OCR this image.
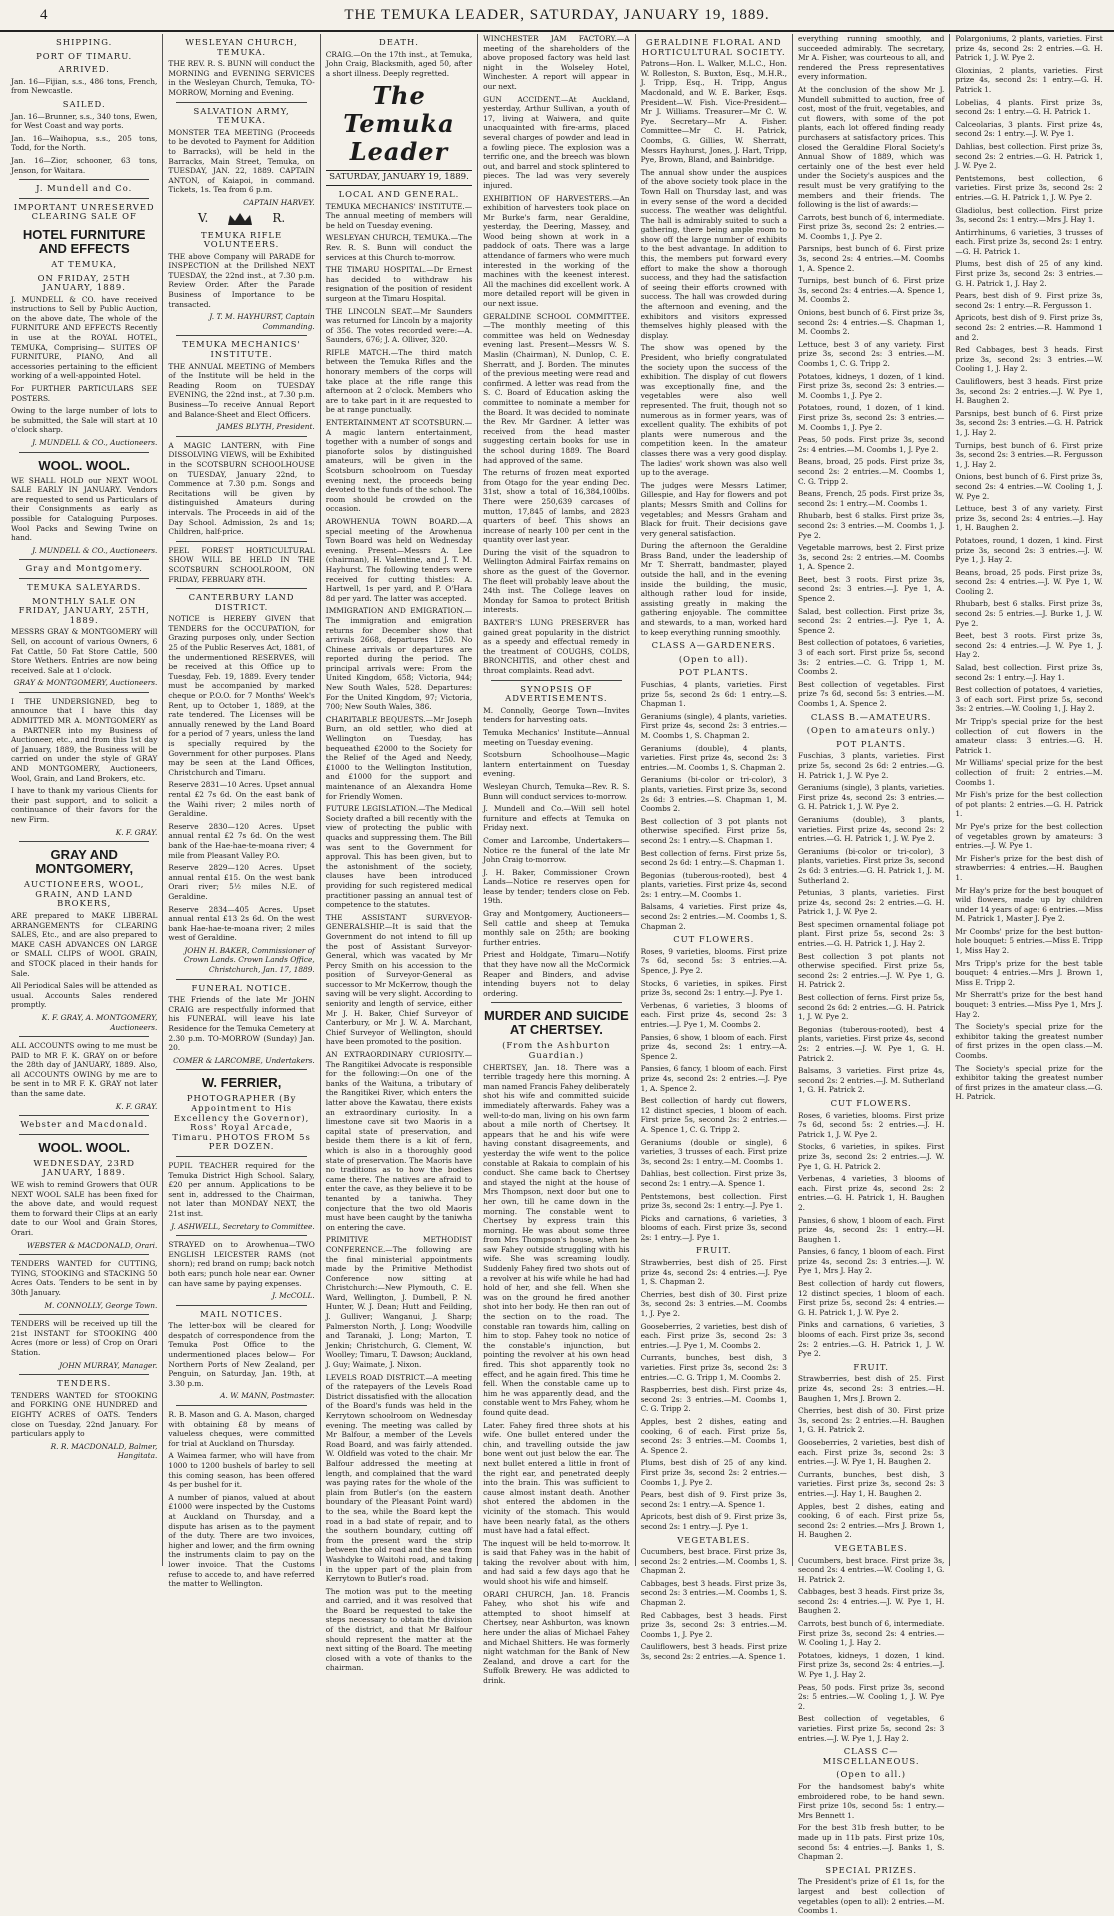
4	THE TEMUKA LEADER, SATURDAY, JANUARY 19, 1889.
SHIPPING.
PORT OF TIMARU.
ARRIVED.

Jan. 16—Fijian, s.s., 486 tons, French, from Newcastle.

SAILED.

Jan. 16—Brunner, s.s., 340 tons, Ewen, for West Coast and way ports.

Jan. 16—Waihopua, s.s., 205 tons, Todd, for the North.

Jan. 16—Zior, schooner, 63 tons, Jenson, for Waitara.

J. Mundell and Co.
IMPORTANT UNRESERVED CLEARING SALE OF
HOTEL FURNITURE AND EFFECTS
AT TEMUKA,
ON FRIDAY, 25TH JANUARY, 1889.

J. MUNDELL & CO. have received instructions to Sell by Public Auction, on the above date, The whole of the FURNITURE AND EFFECTS Recently in use at the ROYAL HOTEL, TEMUKA, Comprising— SUITES OF FURNITURE, PIANO, And all accessories pertaining to the efficient working of a well-appointed Hotel.

For FURTHER PARTICULARS SEE POSTERS.

Owing to the large number of lots to be submitted, the Sale will start at 10 o'clock sharp.

J. MUNDELL & CO., Auctioneers.

WOOL. WOOL.

WE SHALL HOLD our NEXT WOOL SALE EARLY IN JANUARY. Vendors are requested to send us Particulars of their Consignments as early as possible for Cataloguing Purposes. Wool Packs and Sewing Twine on hand.

J. MUNDELL & CO., Auctioneers.

Gray and Montgomery.
TEMUKA SALEYARDS.
MONTHLY SALE ON FRIDAY, JANUARY, 25TH, 1889.

MESSRS GRAY & MONTGOMERY will Sell, on account of various Owners, 6 Fat Cattle, 50 Fat Store Cattle, 500 Store Wethers. Entries are now being received. Sale at 1 o'clock.

GRAY & MONTGOMERY, Auctioneers.

I THE UNDERSIGNED, beg to announce that I have this day ADMITTED MR A. MONTGOMERY as a PARTNER into my Business of Auctioneer, etc., and from this 1st day of January, 1889, the Business will be carried on under the style of GRAY AND MONTGOMERY, Auctioneers, Wool, Grain, and Land Brokers, etc.

I have to thank my various Clients for their past support, and to solicit a continuance of their favors for the new Firm.

K. F. GRAY.

GRAY AND MONTGOMERY,
AUCTIONEERS, WOOL, GRAIN, AND LAND BROKERS,

ARE prepared to MAKE LIBERAL ARRANGEMENTS for CLEARING SALES, Etc., and are also prepared to MAKE CASH ADVANCES ON LARGE or SMALL CLIPS of WOOL GRAIN, and STOCK placed in their hands for Sale.

All Periodical Sales will be attended as usual. Accounts Sales rendered promptly.

K. F. GRAY, A. MONTGOMERY, Auctioneers.

ALL ACCOUNTS owing to me must be PAID to MR F. K. GRAY on or before the 28th day of JANUARY, 1889. Also, all ACCOUNTS OWING by me are to be sent in to MR F. K. GRAY not later than the same date.

K. F. GRAY.

Webster and Macdonald.
WOOL. WOOL.
WEDNESDAY, 23RD JANUARY, 1889.

WE wish to remind Growers that OUR NEXT WOOL SALE has been fixed for the above date, and would request them to forward their Clips at an early date to our Wool and Grain Stores, Orari.

WEBSTER & MACDONALD, Orari.

TENDERS WANTED for CUTTING, TYING, STOOKING and STACKING 50 Acres Oats. Tenders to be sent in by 30th January.

M. CONNOLLY, George Town.

TENDERS will be received up till the 21st INSTANT for STOOKING 400 Acres (more or less) of Crop on Orari Station.

JOHN MURRAY, Manager.

TENDERS.

TENDERS WANTED for STOOKING and FORKING ONE HUNDRED and EIGHTY ACRES of OATS. Tenders close on Tuesday, 22nd January. For particulars apply to

R. R. MACDONALD, Balmer, Hangitata.

WESLEYAN CHURCH, TEMUKA.

THE REV. R. S. BUNN will conduct the MORNING and EVENING SERVICES in the Wesleyan Church, Temuka, TO-MORROW, Morning and Evening.

SALVATION ARMY, TEMUKA.

MONSTER TEA MEETING (Proceeds to be devoted to Payment for Addition to Barracks), will be held in the Barracks, Main Street, Temuka, on TUESDAY, JAN. 22, 1889. CAPTAIN ANTON, of Kaiapoi, in command. Tickets, 1s. Tea from 6 p.m.

CAPTAIN HARVEY.

V.	R.
TEMUKA RIFLE VOLUNTEERS.

THE above Company will PARADE for INSPECTION at the Drillshed NEXT TUESDAY, the 22nd inst., at 7.30 p.m. Review Order. After the Parade Business of Importance to be transacted.

J. T. M. HAYHURST, Captain Commanding.

TEMUKA MECHANICS' INSTITUTE.

THE ANNUAL MEETING of Members of the Institute will be held in the Reading Room on TUESDAY EVENING, the 22nd inst., at 7.30 p.m. Business—To receive Annual Report and Balance-Sheet and Elect Officers.

JAMES BLYTH, President.

A MAGIC LANTERN, with Fine DISSOLVING VIEWS, will be Exhibited in the SCOTSBURN SCHOOLHOUSE on TUESDAY, January 22nd, to Commence at 7.30 p.m. Songs and Recitations will be given by distinguished Amateurs during intervals. The Proceeds in aid of the Day School. Admission, 2s and 1s; Children, half-price.

PEEL FOREST HORTICULTURAL SHOW WILL BE HELD IN THE SCOTSBURN SCHOOLROOM, ON FRIDAY, FEBRUARY 8TH.

CANTERBURY LAND DISTRICT.

NOTICE is HEREBY GIVEN that TENDERS for the OCCUPATION, for Grazing purposes only, under Section 25 of the Public Reserves Act, 1881, of the undermentioned RESERVES, will be received at this Office up to Tuesday, Feb. 19, 1889. Every tender must be accompanied by marked cheque or P.O.O. for 7 Months' Week's Rent, up to October 1, 1889, at the rate tendered. The Licenses will be annually renewed by the Land Board for a period of 7 years, unless the land is specially required by the Government for other purposes. Plans may be seen at the Land Offices, Christchurch and Timaru.

Reserve 2831—10 Acres. Upset annual rental £2 7s 6d. On the east bank of the Waihi river; 2 miles north of Geraldine.

Reserve 2830—120 Acres. Upset annual rental £2 7s 6d. On the west bank of the Hae-hae-te-moana river; 4 mile from Pleasant Valley P.O.

Reserve 2829—120 Acres. Upset annual rental £15. On the west bank Orari river; 5½ miles N.E. of Geraldine.

Reserve 2834—405 Acres. Upset annual rental £13 2s 6d. On the west bank Hae-hae-te-moana river; 2 miles west of Geraldine.

JOHN H. BAKER, Commissioner of Crown Lands. Crown Lands Office, Christchurch, Jan. 17, 1889.

FUNERAL NOTICE.

THE Friends of the late Mr JOHN CRAIG are respectfully informed that his FUNERAL will leave his late Residence for the Temuka Cemetery at 2.30 p.m. TO-MORROW (Sunday) Jan. 20.

COMER & LARCOMBE, Undertakers.

W. FERRIER,
PHOTOGRAPHER (By Appointment to His Excellency the Governor), Ross' Royal Arcade, Timaru. PHOTOS FROM 5s PER DOZEN.

PUPIL TEACHER required for the Temuka District High School. Salary, £20 per annum. Applications to be sent in, addressed to the Chairman, not later than MONDAY NEXT, the 21st inst.

J. ASHWELL, Secretary to Committee.

STRAYED on to Arowhenua—TWO ENGLISH LEICESTER RAMS (not shorn); red brand on rump; back notch both ears; punch hole near ear. Owner can have same by paying expenses.

J. McCOLL.

MAIL NOTICES.

The letter-box will be cleared for despatch of correspondence from the Temuka Post Office to the undermentioned places below— For Northern Ports of New Zealand, per Penguin, on Saturday, Jan. 19th, at 3.30 p.m.

A. W. MANN, Postmaster.

R. B. Mason and G. A. Mason, charged with obtaining £8 by means of valueless cheques, were committed for trial at Auckland on Thursday.

A Waimea farmer, who will have from 1000 to 1200 bushels of barley to sell this coming season, has been offered 4s per bushel for it.

A number of pianos, valued at about £1000 were inspected by the Customs at Auckland on Thursday, and a dispute has arisen as to the payment of the duty. There are two invoices, higher and lower, and the firm owning the instruments claim to pay on the lower invoice. That the Customs refuse to accede to, and have referred the matter to Wellington.

DEATH.

CRAIG.—On the 17th inst., at Temuka, John Craig, Blacksmith, aged 50, after a short illness. Deeply regretted.

The Temuka Leader
SATURDAY, JANUARY 19, 1889.
LOCAL AND GENERAL.

TEMUKA MECHANICS' INSTITUTE.—The annual meeting of members will be held on Tuesday evening.

WESLEYAN CHURCH, TEMUKA.—The Rev. R. S. Bunn will conduct the services at this Church to-morrow.

THE TIMARU HOSPITAL.—Dr Ernest has decided to withdraw his resignation of the position of resident surgeon at the Timaru Hospital.

THE LINCOLN SEAT.—Mr Saunders was returned for Lincoln by a majority of 356. The votes recorded were:—A. Saunders, 676; J. A. Olliver, 320.

RIFLE MATCH.—The third match between the Temuka Rifles and the honorary members of the corps will take place at the rifle range this afternoon at 2 o'clock. Members who are to take part in it are requested to be at range punctually.

ENTERTAINMENT AT SCOTSBURN.—A magic lantern entertainment, together with a number of songs and pianoforte solos by distinguished amateurs, will be given in the Scotsburn schoolroom on Tuesday evening next, the proceeds being devoted to the funds of the school. The room should be crowded on the occasion.

AROWHENUA TOWN BOARD.—A special meeting of the Arowhenua Town Board was held on Wednesday evening. Present—Messrs A. Lee (chairman), H. Valentine, and J. T. M. Hayhurst. The following tenders were received for cutting thistles: A. Hartwell, 1s per yard, and P. O'Hara 8d per yard. The latter was accepted.

IMMIGRATION AND EMIGRATION.—The immigration and emigration returns for December show that arrivals 2668, departures 1250. No Chinese arrivals or departures are reported during the period. The principal arrivals were: From the United Kingdom, 658; Victoria, 944; New South Wales, 528. Departures: For the United Kingdom, 97; Victoria, 700; New South Wales, 386.

CHARITABLE BEQUESTS.—Mr Joseph Burn, an old settler, who died at Wellington on Tuesday, has bequeathed £2000 to the Society for the Relief of the Aged and Needy, £1000 to the Wellington Institution, and £1000 for the support and maintenance of an Alexandra Home for Friendly Women.

FUTURE LEGISLATION.—The Medical Society drafted a bill recently with the view of protecting the public with quacks and suppressing them. The Bill was sent to the Government for approval. This has been given, but to the astonishment of the society, clauses have been introduced providing for such registered medical practitioner passing an annual test of competence to the statutes.

THE ASSISTANT SURVEYOR-GENERALSHIP.—It is said that the Government do not intend to fill up the post of Assistant Surveyor-General, which was vacated by Mr Percy Smith on his accession to the position of Surveyor-General as successor to Mr McKerrow, though the saving will be very slight. According to seniority and length of service, either Mr J. H. Baker, Chief Surveyor of Canterbury, or Mr J. W. A. Marchant, Chief Surveyor of Wellington, should have been promoted to the position.

AN EXTRAORDINARY CURIOSITY.—The Rangitikei Advocate is responsible for the following:—On one of the banks of the Waituna, a tributary of the Rangitikei River, which enters the latter above the Kawatau, there exists an extraordinary curiosity. In a limestone cave sit two Maoris in a capital state of preservation, and beside them there is a kit of fern, which is also in a thoroughly good state of preservation. The Maoris have no traditions as to how the bodies came there. The natives are afraid to enter the cave, as they believe it to be tenanted by a taniwha. They conjecture that the two old Maoris must have been caught by the taniwha on entering the cave.

PRIMITIVE METHODIST CONFERENCE.—The following are the final ministerial appointments made by the Primitive Methodist Conference now sitting at Christchurch:—New Plymouth, C. E. Ward, Wellington, J. Dumbell, P. N. Hunter, W. J. Dean; Hutt and Feilding, J. Gulliver; Wanganui, J. Sharp; Palmerston North, J. Long; Woodville and Taranaki, J. Long; Marton, T. Jenkin; Christchurch, G. Clement, W. Woolley; Timaru, T. Dawson; Auckland, J. Guy; Waimate, J. Nixon.

LEVELS ROAD DISTRICT.—A meeting of the ratepayers of the Levels Road District dissatisfied with the allocation of the Board's funds was held in the Kerrytown schoolroom on Wednesday evening. The meeting was called by Mr Balfour, a member of the Levels Road Board, and was fairly attended. W. Oldfield was voted to the chair. Mr Balfour addressed the meeting at length, and complained that the ward was paying rates for the whole of the plain from Butler's (on the eastern boundary of the Pleasant Point ward) to the sea, while the Board kept the road in a bad state of repair, and to the southern boundary, cutting off from the present ward the strip between the old road and the sea from Washdyke to Waitohi road, and taking in the upper part of the plain from Kerrytown to Butler's road.

The motion was put to the meeting and carried, and it was resolved that the Board be requested to take the steps necessary to obtain the division of the district, and that Mr Balfour should represent the matter at the next sitting of the Board. The meeting closed with a vote of thanks to the chairman.

WINCHESTER JAM FACTORY.—A meeting of the shareholders of the above proposed factory was held last night in the Wolseley Hotel, Winchester. A report will appear in our next.

GUN ACCIDENT.—At Auckland, yesterday, Arthur Sullivan, a youth of 17, living at Waiwera, and quite unacquainted with fire-arms, placed several charges of powder and lead in a fowling piece. The explosion was a terrific one, and the breech was blown out, and barrel and stock splintered to pieces. The lad was very severely injured.

EXHIBITION OF HARVESTERS.—An exhibition of harvesters took place on Mr Burke's farm, near Geraldine, yesterday, the Deering, Massey, and Wood being shown at work in a paddock of oats. There was a large attendance of farmers who were much interested in the working of the machines with the keenest interest. All the machines did excellent work. A more detailed report will be given in our next issue.

GERALDINE SCHOOL COMMITTEE.—The monthly meeting of this committee was held on Wednesday evening last. Present—Messrs W. S. Maslin (Chairman), N. Dunlop, C. E. Sherratt, and J. Borden. The minutes of the previous meeting were read and confirmed. A letter was read from the S. C. Board of Education asking the committee to nominate a member for the Board. It was decided to nominate the Rev. Mr Gardner. A letter was received from the head master suggesting certain books for use in the school during 1889. The Board had approved of the same.

The returns of frozen meat exported from Otago for the year ending Dec. 31st, show a total of 16,384,100lbs. There were 250,639 carcases of mutton, 17,845 of lambs, and 2823 quarters of beef. This shows an increase of nearly 100 per cent in the quantity over last year.

During the visit of the squadron to Wellington Admiral Fairfax remains on shore as the guest of the Governor. The fleet will probably leave about the 24th inst. The College leaves on Monday for Samoa to protect British interests.

BAXTER'S LUNG PRESERVER has gained great popularity in the district as a speedy and effectual remedy in the treatment of COUGHS, COLDS, BRONCHITIS, and other chest and throat complaints. Read advt.

SYNOPSIS OF ADVERTISEMENTS.

M. Connolly, George Town—Invites tenders for harvesting oats.

Temuka Mechanics' Institute—Annual meeting on Tuesday evening.

Scotsburn Schoolhouse—Magic lantern entertainment on Tuesday evening.

Wesleyan Church, Temuka—Rev. R. S. Bunn will conduct services to-morrow.

J. Mundell and Co.—Will sell hotel furniture and effects at Temuka on Friday next.

Comer and Larcombe, Undertakers—Notice re the funeral of the late Mr John Craig to-morrow.

J. H. Baker, Commissioner Crown Lands—Notice re reserves open for lease by tender; tenders close on Feb. 19th.

Gray and Montgomery, Auctioneers—Sell cattle and sheep at Temuka monthly sale on 25th; are booking further entries.

Priest and Holdgate, Timaru—Notify that they have now all the McCormick Reaper and Binders, and advise intending buyers not to delay ordering.

MURDER AND SUICIDE AT CHERTSEY.
(From the Ashburton Guardian.)

CHERTSEY, Jan. 18. There was a terrible tragedy here this morning. A man named Francis Fahey deliberately shot his wife and committed suicide immediately afterwards. Fahey was a well-to-do man, living on his own farm about a mile north of Chertsey. It appears that he and his wife were having constant disagreements, and yesterday the wife went to the police constable at Rakaia to complain of his conduct. She came back to Chertsey and stayed the night at the house of Mrs Thompson, next door but one to her own, till he came down in the morning. The constable went to Chertsey by express train this morning. He was about some three from Mrs Thompson's house, when he saw Fahey outside struggling with his wife. She was screaming loudly. Suddenly Fahey fired two shots out of a revolver at his wife while he had had hold of her, and she fell. When she was on the ground he fired another shot into her body. He then ran out of the section on to the road. The constable ran towards him, calling on him to stop. Fahey took no notice of the constable's injunction, but pointing the revolver at his own head fired. This shot apparently took no effect, and he again fired. This time he fell. When the constable came up to him he was apparently dead, and the constable went to Mrs Fahey, whom he found quite dead.

Later. Fahey fired three shots at his wife. One bullet entered under the chin, and travelling outside the jaw bone went out just below the ear. The next bullet entered a little in front of the right ear, and penetrated deeply into the brain. This was sufficient to cause almost instant death. Another shot entered the abdomen in the vicinity of the stomach. This would have been nearly fatal, as the others must have had a fatal effect.

The inquest will be held to-morrow. It is said that Fahey was in the habit of taking the revolver about with him, and had said a few days ago that he would shoot his wife and himself.

ORARI CHURCH, Jan. 18. Francis Fahey, who shot his wife and attempted to shoot himself at Chertsey, near Ashburton, was known here under the alias of Michael Fahey and Michael Shitters. He was formerly night watchman for the Bank of New Zealand, and drove a cart for the Suffolk Brewery. He was addicted to drink.

GERALDINE FLORAL AND HORTICULTURAL SOCIETY.

Patrons—Hon. L. Walker, M.L.C., Hon. W. Rolleston, S. Buxton, Esq., M.H.R., J. Tripp, Esq., H. Tripp, Angus Macdonald, and W. E. Barker, Esqs. President—W. Fish. Vice-President—Mr J. Williams. Treasurer—Mr C. W. Pye. Secretary—Mr A. Fisher. Committee—Mr C. H. Patrick, Coombs, G. Gillies, W. Sherratt, Messrs Hayhurst, Jones, J. Hart, Tripp, Pye, Brown, Bland, and Bainbridge.

The annual show under the auspices of the above society took place in the Town Hall on Thursday last, and was in every sense of the word a decided success. The weather was delightful. The hall is admirably suited to such a gathering, there being ample room to show off the large number of exhibits to the best advantage. In addition to this, the members put forward every effort to make the show a thorough success, and they had the satisfaction of seeing their efforts crowned with success. The hall was crowded during the afternoon and evening, and the exhibitors and visitors expressed themselves highly pleased with the display.

The show was opened by the President, who briefly congratulated the society upon the success of the exhibition. The display of cut flowers was exceptionally fine, and the vegetables were also well represented. The fruit, though not so numerous as in former years, was of excellent quality. The exhibits of pot plants were numerous and the competition keen. In the amateur classes there was a very good display. The ladies' work shown was also well up to the average.

The judges were Messrs Latimer, Gillespie, and Hay for flowers and pot plants; Messrs Smith and Collins for vegetables; and Messrs Graham and Black for fruit. Their decisions gave very general satisfaction.

During the afternoon the Geraldine Brass Band, under the leadership of Mr T. Sherratt, bandmaster, played outside the hall, and in the evening inside the building, the music, although rather loud for inside, assisting greatly in making the gathering enjoyable. The committee and stewards, to a man, worked hard to keep everything running smoothly.

CLASS A—GARDENERS.
(Open to all).
POT PLANTS.

Fuschias, 4 plants, varieties. First prize 5s, second 2s 6d: 1 entry.—S. Chapman 1.

Geraniums (single), 4 plants, varieties. First prize 4s, second 2s: 3 entries.—M. Coombs 1, S. Chapman 2.

Geraniums (double), 4 plants, varieties. First prize 4s, second 2s: 3 entries.—M. Coombs 1, S. Chapman 2.

Geraniums (bi-color or tri-color), 3 plants, varieties. First prize 3s, second 2s 6d: 3 entries.—S. Chapman 1, M. Coombs 2.

Best collection of 3 pot plants not otherwise specified. First prize 5s, second 2s: 1 entry.—S. Chapman 1.

Best collection of ferns. First prize 5s, second 2s 6d: 1 entry.—S. Chapman 1.

Begonias (tuberous-rooted), best 4 plants, varieties. First prize 4s, second 2s: 1 entry.—M. Coombs 1.

Balsams, 4 varieties. First prize 4s, second 2s: 2 entries.—M. Coombs 1, S. Chapman 2.

CUT FLOWERS.

Roses, 9 varieties, blooms. First prize 7s 6d, second 5s: 3 entries.—A. Spence, J. Pye 2.

Stocks, 6 varieties, in spikes. First prize 3s, second 2s: 1 entry.—J. Pye 1.

Verbenas, 6 varieties, 3 blooms of each. First prize 4s, second 2s: 3 entries.—J. Pye 1, M. Coombs 2.

Pansies, 6 show, 1 bloom of each. First prize 4s, second 2s: 1 entry.—A. Spence 2.

Pansies, 6 fancy, 1 bloom of each. First prize 4s, second 2s: 2 entries.—J. Pye 1, A. Spence 2.

Best collection of hardy cut flowers, 12 distinct species, 1 bloom of each. First prize 5s, second 2s: 2 entries.—A. Spence 1, C. G. Tripp 2.

Geraniums (double or single), 6 varieties, 3 trusses of each. First prize 3s, second 2s: 1 entry.—M. Coombs 1.

Dahlias, best collection. First prize 3s, second 2s: 1 entry.—A. Spence 1.

Pentstemons, best collection. First prize 3s, second 2s: 1 entry.—J. Pye 1.

Picks and carnations, 6 varieties, 3 blooms of each. First prize 3s, second 2s: 1 entry.—J. Pye 1.

FRUIT.

Strawberries, best dish of 25. First prize 4s, second 2s: 4 entries.—J. Pye 1, S. Chapman 2.

Cherries, best dish of 30. First prize 3s, second 2s: 3 entries.—M. Coombs 1, J. Pye 2.

Gooseberries, 2 varieties, best dish of each. First prize 3s, second 2s: 3 entries.—J. Pye 1, M. Coombs 2.

Currants, bunches, best dish, 3 varieties. First prize 3s, second 2s: 3 entries.—C. G. Tripp 1, M. Coombs 2.

Raspberries, best dish. First prize 4s, second 2s: 3 entries.—M. Coombs 1, C. G. Tripp 2.

Apples, best 2 dishes, eating and cooking, 6 of each. First prize 5s, second 2s: 3 entries.—M. Coombs 1, A. Spence 2.

Plums, best dish of 25 of any kind. First prize 3s, second 2s: 2 entries.—Coombs 1, J. Pye 2.

Pears, best dish of 9. First prize 3s, second 2s: 1 entry.—A. Spence 1.

Apricots, best dish of 9. First prize 3s, second 2s: 1 entry.—J. Pye 1.

VEGETABLES.

Cucumbers, best brace. First prize 3s, second 2s: 2 entries.—M. Coombs 1, S. Chapman 2.

Cabbages, best 3 heads. First prize 3s, second 2s: 3 entries.—M. Coombs 1, S. Chapman 2.

Red Cabbages, best 3 heads. First prize 3s, second 2s: 3 entries.—M. Coombs 1, J. Pye 2.

Cauliflowers, best 3 heads. First prize 3s, second 2s: 2 entries.—A. Spence 1.

everything running smoothly, and succeeded admirably. The secretary, Mr A. Fisher, was courteous to all, and rendered the Press representatives every information.

At the conclusion of the show Mr J. Mundell submitted to auction, free of cost, most of the fruit, vegetables, and cut flowers, with some of the pot plants, each lot offered finding ready purchasers at satisfactory prices. This closed the Geraldine Floral Society's Annual Show of 1889, which was certainly one of the best ever held under the Society's auspices and the result must be very gratifying to the members and their friends. The following is the list of awards:—

Carrots, best bunch of 6, intermediate. First prize 3s, second 2s: 2 entries.—M. Coombs 1, J. Pye 2.

Parsnips, best bunch of 6. First prize 3s, second 2s: 4 entries.—M. Coombs 1, A. Spence 2.

Turnips, best bunch of 6. First prize 3s, second 2s: 4 entries.—A. Spence 1, M. Coombs 2.

Onions, best bunch of 6. First prize 3s, second 2s: 4 entries.—S. Chapman 1, M. Coombs 2.

Lettuce, best 3 of any variety. First prize 3s, second 2s: 3 entries.—M. Coombs 1, C. G. Tripp 2.

Potatoes, kidneys, 1 dozen, of 1 kind. First prize 3s, second 2s: 3 entries.—M. Coombs 1, J. Pye 2.

Potatoes, round, 1 dozen, of 1 kind. First prize 3s, second 2s: 3 entries.—M. Coombs 1, J. Pye 2.

Peas, 50 pods. First prize 3s, second 2s: 4 entries.—M. Coombs 1, J. Pye 2.

Beans, broad, 25 pods. First prize 3s, second 2s: 2 entries.—M. Coombs 1, C. G. Tripp 2.

Beans, French, 25 pods. First prize 3s, second 2s: 1 entry.—M. Coombs 1.

Rhubarb, best 6 stalks. First prize 3s, second 2s: 3 entries.—M. Coombs 1, J. Pye 2.

Vegetable marrows, best 2. First prize 3s, second 2s: 2 entries.—M. Coombs 1, A. Spence 2.

Beet, best 3 roots. First prize 3s, second 2s: 3 entries.—J. Pye 1, A. Spence 2.

Salad, best collection. First prize 3s, second 2s: 2 entries.—J. Pye 1, A. Spence 2.

Best collection of potatoes, 6 varieties, 3 of each sort. First prize 5s, second 3s: 2 entries.—C. G. Tripp 1, M. Coombs 2.

Best collection of vegetables. First prize 7s 6d, second 5s: 3 entries.—M. Coombs 1, A. Spence 2.

CLASS B.—AMATEURS.
(Open to amateurs only.)
POT PLANTS.

Fuschias, 3 plants, varieties. First prize 5s, second 2s 6d: 2 entries.—G. H. Patrick 1, J. W. Pye 2.

Geraniums (single), 3 plants, varieties. First prize 4s, second 2s: 3 entries.—G. H. Patrick 1, J. W. Pye 2.

Geraniums (double), 3 plants, varieties. First prize 4s, second 2s: 2 entries.—G. H. Patrick 1, J. W. Pye 2.

Geraniums (bi-color or tri-color), 3 plants, varieties. First prize 3s, second 2s 6d: 3 entries.—G. H. Patrick 1, J. M. Sutherland 2.

Petunias, 3 plants, varieties. First prize 4s, second 2s: 2 entries.—G. H. Patrick 1, J. W. Pye 2.

Best specimen ornamental foliage pot plant. First prize 5s, second 2s: 3 entries.—G. H. Patrick 1, J. Hay 2.

Best collection 3 pot plants not otherwise specified. First prize 5s, second 2s: 2 entries.—J. W. Pye 1, G. H. Patrick 2.

Best collection of ferns. First prize 5s, second 2s 6d: 2 entries.—G. H. Patrick 1, J. W. Pye 2.

Begonias (tuberous-rooted), best 4 plants, varieties. First prize 4s, second 2s: 2 entries.—J. W. Pye 1, G. H. Patrick 2.

Balsams, 3 varieties. First prize 4s, second 2s: 2 entries.—J. M. Sutherland 1, G. H. Patrick 2.

CUT FLOWERS.

Roses, 6 varieties, blooms. First prize 7s 6d, second 5s: 2 entries.—J. H. Patrick 1, J. W. Pye 2.

Stocks, 6 varieties, in spikes. First prize 3s, second 2s: 2 entries.—J. W. Pye 1, G. H. Patrick 2.

Verbenas, 4 varieties, 3 blooms of each. First prize 4s, second 2s: 2 entries.—G. H. Patrick 1, H. Baughen 2.

Pansies, 6 show, 1 bloom of each. First prize 4s, second 2s: 1 entry.—H. Baughen 1.

Pansies, 6 fancy, 1 bloom of each. First prize 4s, second 2s: 3 entries.—J. W. Pye 1, Mrs J. Hay 2.

Best collection of hardy cut flowers, 12 distinct species, 1 bloom of each. First prize 5s, second 2s: 4 entries.—G. H. Patrick 1, J. W. Pye 2.

Pinks and carnations, 6 varieties, 3 blooms of each. First prize 3s, second 2s: 2 entries.—G. H. Patrick 1, J. W. Pye 2.

FRUIT.

Strawberries, best dish of 25. First prize 4s, second 2s: 3 entries.—H. Baughen 1, Mrs J. Brown 2.

Cherries, best dish of 30. First prize 3s, second 2s: 2 entries.—H. Baughen 1, G. H. Patrick 2.

Gooseberries, 2 varieties, best dish of each. First prize 3s, second 2s: 3 entries.—J. W. Pye 1, H. Baughen 2.

Currants, bunches, best dish, 3 varieties. First prize 3s, second 2s: 3 entries.—J. Hay 1, H. Baughen 2.

Apples, best 2 dishes, eating and cooking, 6 of each. First prize 5s, second 2s: 2 entries.—Mrs J. Brown 1, H. Baughen 2.

VEGETABLES.

Cucumbers, best brace. First prize 3s, second 2s: 4 entries.—W. Cooling 1, G. H. Patrick 2.

Cabbages, best 3 heads. First prize 3s, second 2s: 4 entries.—J. W. Pye 1, H. Baughen 2.

Carrots, best bunch of 6, intermediate. First prize 3s, second 2s: 4 entries.—W. Cooling 1, J. Hay 2.

Potatoes, kidneys, 1 dozen, 1 kind. First prize 3s, second 2s: 4 entries.—J. W. Pye 1, J. Hay 2.

Peas, 50 pods. First prize 3s, second 2s: 5 entries.—W. Cooling 1, J. W. Pye 2.

Best collection of vegetables, 6 varieties. First prize 5s, second 2s: 3 entries.—J. W. Pye 1, J. Hay 2.

CLASS C—MISCELLANEOUS.
(Open to all.)

For the handsomest baby's white embroidered robe, to be hand sewn. First prize 10s, second 5s: 1 entry.—Mrs Bennett 1.

For the best 31b fresh butter, to be made up in 11b pats. First prize 10s, second 5s: 4 entries.—J. Banks 1, S. Chapman 2.

SPECIAL PRIZES.

The President's prize of £1 1s, for the largest and best collection of vegetables (open to all): 2 entries.—M. Coombs 1.

Polargoniums, 2 plants, varieties. First prize 4s, second 2s: 2 entries.—G. H. Patrick 1, J. W. Pye 2.

Gloxinias, 2 plants, varieties. First prize 4s, second 2s: 1 entry.—G. H. Patrick 1.

Lobelias, 4 plants. First prize 3s, second 2s: 1 entry.—G. H. Patrick 1.

Calceolarias, 3 plants. First prize 4s, second 2s: 1 entry.—J. W. Pye 1.

Dahlias, best collection. First prize 3s, second 2s: 2 entries.—G. H. Patrick 1, J. W. Pye 2.

Pentstemons, best collection, 6 varieties. First prize 3s, second 2s: 2 entries.—G. H. Patrick 1, J. W. Pye 2.

Gladiolus, best collection. First prize 3s, second 2s: 1 entry.—Mrs J. Hay 1.

Antirrhinums, 6 varieties, 3 trusses of each. First prize 3s, second 2s: 1 entry.—G. H. Patrick 1.

Plums, best dish of 25 of any kind. First prize 3s, second 2s: 3 entries.—G. H. Patrick 1, J. Hay 2.

Pears, best dish of 9. First prize 3s, second 2s: 1 entry.—R. Fergusson 1.

Apricots, best dish of 9. First prize 3s, second 2s: 2 entries.—R. Hammond 1 and 2.

Red Cabbages, best 3 heads. First prize 3s, second 2s: 3 entries.—W. Cooling 1, J. Hay 2.

Cauliflowers, best 3 heads. First prize 3s, second 2s: 2 entries.—J. W. Pye 1, H. Baughen 2.

Parsnips, best bunch of 6. First prize 3s, second 2s: 3 entries.—G. H. Patrick 1, J. Hay 2.

Turnips, best bunch of 6. First prize 3s, second 2s: 3 entries.—R. Fergusson 1, J. Hay 2.

Onions, best bunch of 6. First prize 3s, second 2s: 4 entries.—W. Cooling 1, J. W. Pye 2.

Lettuce, best 3 of any variety. First prize 3s, second 2s: 4 entries.—J. Hay 1, H. Baughen 2.

Potatoes, round, 1 dozen, 1 kind. First prize 3s, second 2s: 3 entries.—J. W. Pye 1, J. Hay 2.

Beans, broad, 25 pods. First prize 3s, second 2s: 4 entries.—J. W. Pye 1, W. Cooling 2.

Rhubarb, best 6 stalks. First prize 3s, second 2s: 5 entries.—J. Burke 1, J. W. Pye 2.

Beet, best 3 roots. First prize 3s, second 2s: 4 entries.—J. W. Pye 1, J. Hay 2.

Salad, best collection. First prize 3s, second 2s: 1 entry.—J. Hay 1.

Best collection of potatoes, 4 varieties, 3 of each sort. First prize 5s, second 3s: 2 entries.—W. Cooling 1, J. Hay 2.

Mr Tripp's special prize for the best collection of cut flowers in the amateur class: 3 entries.—G. H. Patrick 1.

Mr Williams' special prize for the best collection of fruit: 2 entries.—M. Coombs 1.

Mr Fish's prize for the best collection of pot plants: 2 entries.—G. H. Patrick 1.

Mr Pye's prize for the best collection of vegetables grown by amateurs: 3 entries.—J. W. Pye 1.

Mr Fisher's prize for the best dish of strawberries: 4 entries.—H. Baughen 1.

Mr Hay's prize for the best bouquet of wild flowers, made up by children under 14 years of age: 6 entries.—Miss M. Patrick 1, Master J. Pye 2.

Mr Coombs' prize for the best button-hole bouquet: 5 entries.—Miss E. Tripp 1, Miss Hay 2.

Mrs Tripp's prize for the best table bouquet: 4 entries.—Mrs J. Brown 1, Miss E. Tripp 2.

Mr Sherratt's prize for the best hand bouquet: 3 entries.—Miss Pye 1, Mrs J. Hay 2.

The Society's special prize for the exhibitor taking the greatest number of first prizes in the open class.—M. Coombs.

The Society's special prize for the exhibitor taking the greatest number of first prizes in the amateur class.—G. H. Patrick.
